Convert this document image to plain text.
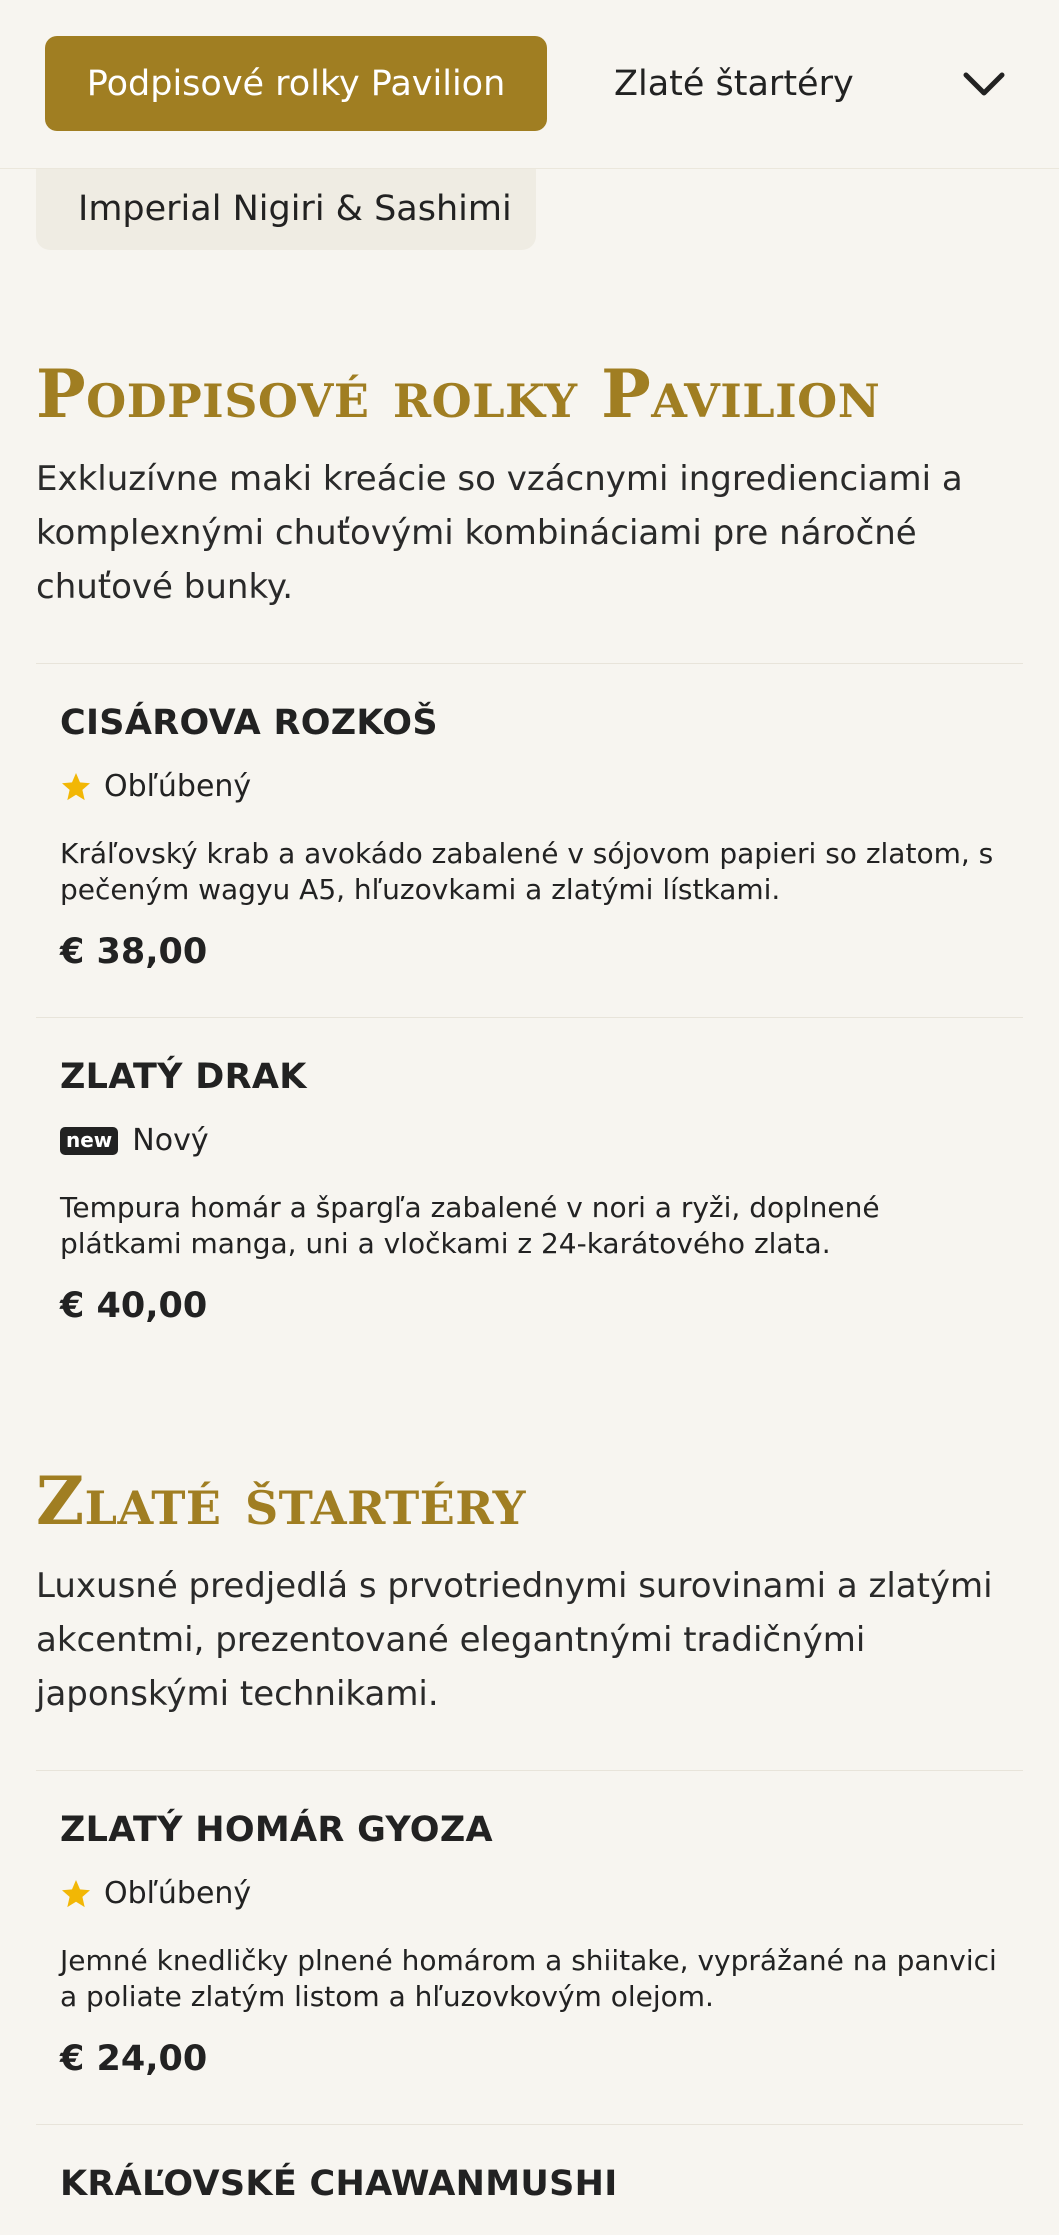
Podpisové rolky Pavilion	Zlaté štartéry
Imperial Nigiri & Sashimi
Podpisové rolky Pavilion
Exkluzívne maki kreácie so vzácnymi ingredienciami a komplexnými chuťovými kombináciami pre náročné chuťové bunky.
CISÁROVA ROZKOŠ
Obľúbený
Kráľovský krab a avokádo zabalené v sójovom papieri so zlatom, s pečeným wagyu A5, hľuzovkami a zlatými lístkami.
€ 38,00
ZLATÝ DRAK
new Nový
Tempura homár a špargľa zabalené v nori a ryži, doplnené plátkami manga, uni a vločkami z 24-karátového zlata.
€ 40,00
Zlaté štartéry
Luxusné predjedlá s prvotriednymi surovinami a zlatými akcentmi, prezentované elegantnými tradičnými japonskými technikami.
ZLATÝ HOMÁR GYOZA
Obľúbený
Jemné knedličky plnené homárom a shiitake, vyprážané na panvici a poliate zlatým listom a hľuzovkovým olejom.
€ 24,00
KRÁĽOVSKÉ CHAWANMUSHI
